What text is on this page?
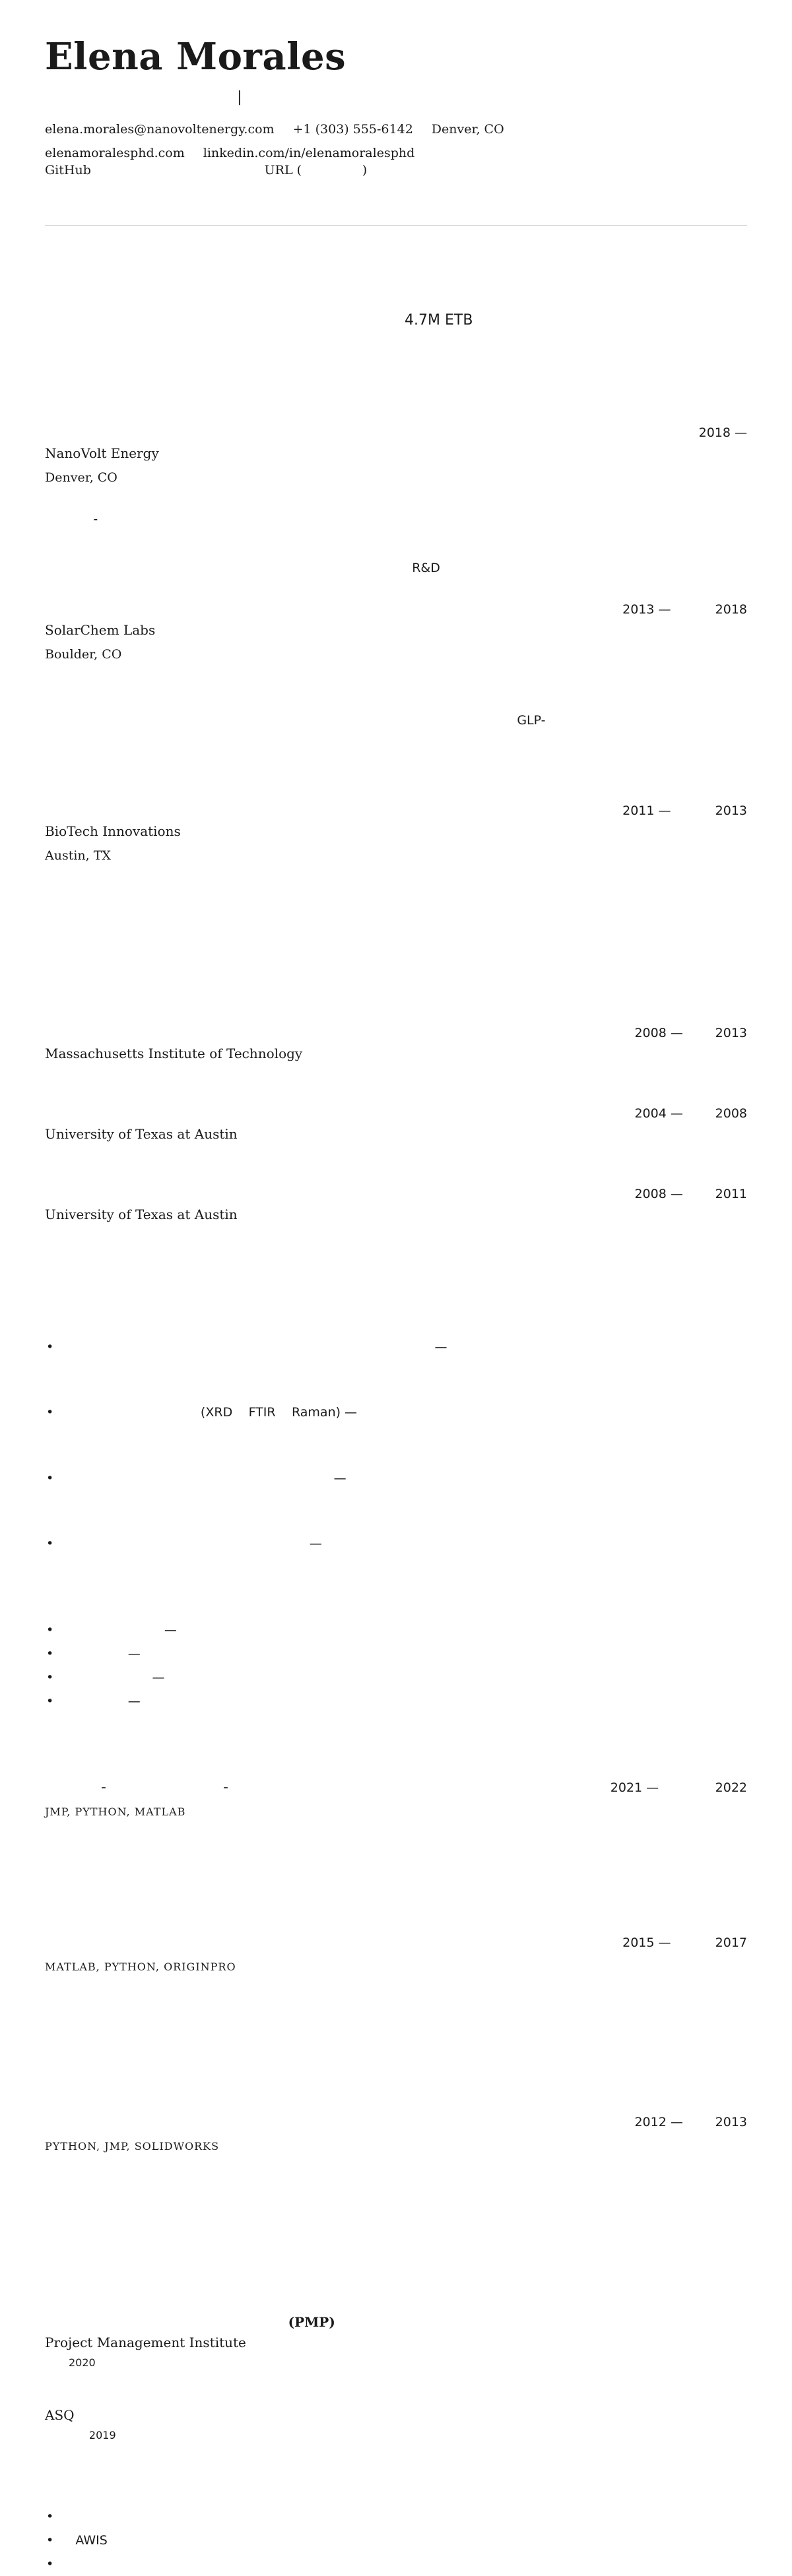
Elena Morales
ᅟᅟᅟᅟᅟᅟ ᅟᅟᅟᅟᅟᅟᅟ | ᅟᅟᅟᅟᅟ ᅟᅟ ᅟᅟᅟᅟᅟᅟ ᅟᅟᅟᅟᅟ
elena.morales@nanovoltenergy.com +1 (303) 555-6142 Denver, CO
elenamoralesphd.com linkedin.com/in/elenamoralesphd
GitHub ᅟᅟᅟ ᅟᅟᅟ ᅟᅟᅟᅟᅟᅟᅟ URL (ᅟᅟᅟᅟᅟ)
ᅟᅟᅟᅟᅟᅟ ᅟᅟᅟᅟᅟ ᅟᅟᅟ
ᅟᅟᅟᅟ ᅟᅟᅟᅟ
ᅟᅟᅟᅟ ᅟᅟᅟᅟᅟᅟᅟ ᅟᅟ ᅟᅟᅟᅟᅟ ᅟᅟᅟᅟ ᅟᅟᅟᅟᅟ ᅟᅟᅟᅟᅟ ᅟᅟᅟᅟᅟᅟ ᅟᅟᅟᅟ ᅟᅟᅟᅟᅟᅟ ᅟᅟᅟᅟᅟᅟᅟ ᅟᅟᅟᅟ ᅟᅟᅟᅟᅟ ᅟᅟ 4.7M ETB ᅟᅟᅟ ᅟᅟᅟᅟᅟ ᅟᅟᅟᅟᅟᅟ ᅟᅟᅟᅟᅟᅟᅟᅟ
ᅟᅟᅟ ᅟᅟᅟᅟ
ᅟᅟ ᅟᅟᅟᅟᅟᅟᅟᅟ ᅟᅟᅟᅟᅟ ᅟᅟᅟᅟᅟᅟ	ᅟᅟᅟ 2018 —
NanoVolt Energy
Denver, CO
ᅟᅟᅟᅟ-ᅟᅟᅟ ᅟᅟᅟᅟ ᅟᅟᅟᅟᅟ ᅟᅟ ᅟᅟᅟᅟᅟ ᅟᅟᅟᅟ ᅟᅟᅟ ᅟᅟᅟᅟᅟᅟᅟᅟᅟᅟᅟ ᅟᅟᅟ ᅟᅟᅟᅟᅟᅟ ᅟᅟᅟᅟᅟ ᅟᅟᅟᅟ ᅟᅟ ᅟᅟᅟ ᅟᅟᅟ ᅟᅟᅟᅟ ᅟᅟᅟ ᅟᅟᅟᅟᅟᅟ ᅟᅟᅟᅟᅟᅟᅟᅟᅟ ᅟᅟᅟᅟᅟ ᅟᅟᅟᅟ ᅟᅟᅟ ᅟᅟᅟᅟ ᅟᅟᅟᅟ ᅟᅟᅟᅟᅟ ᅟᅟᅟᅟᅟᅟ ᅟᅟᅟᅟ ᅟᅟ ᅟᅟᅟ R&D ᅟᅟᅟ ᅟᅟᅟᅟᅟᅟᅟ
ᅟᅟᅟᅟᅟᅟ ᅟᅟᅟᅟ ᅟᅟᅟᅟᅟᅟᅟᅟ	ᅟᅟ 2013 — ᅟᅟᅟ 2018
SolarChem Labs
Boulder, CO
ᅟᅟᅟᅟᅟᅟᅟᅟᅟ ᅟᅟᅟ ᅟᅟᅟᅟᅟᅟᅟ ᅟᅟᅟᅟᅟᅟᅟ ᅟᅟᅟᅟᅟᅟ ᅟᅟᅟ ᅟᅟᅟᅟ ᅟᅟᅟᅟᅟᅟᅟᅟ ᅟᅟ ᅟᅟᅟᅟᅟᅟᅟ ᅟᅟᅟᅟᅟᅟ ᅟᅟ ᅟᅟᅟᅟᅟᅟ ᅟᅟᅟᅟᅟᅟᅟ ᅟᅟᅟᅟᅟᅟᅟᅟᅟ GLP-ᅟᅟᅟᅟᅟ ᅟᅟᅟᅟᅟ ᅟᅟᅟᅟᅟᅟᅟ ᅟᅟᅟᅟᅟᅟᅟᅟᅟ ᅟᅟ ᅟᅟᅟᅟᅟᅟᅟᅟ ᅟᅟᅟᅟ ᅟᅟᅟᅟᅟᅟ ᅟᅟᅟᅟᅟᅟᅟ ᅟᅟᅟᅟ ᅟᅟᅟᅟᅟ ᅟᅟᅟᅟᅟ ᅟᅟᅟᅟ ᅟᅟ ᅟᅟᅟ ᅟᅟᅟᅟᅟᅟᅟ
ᅟᅟᅟᅟ ᅟᅟᅟᅟᅟᅟᅟᅟ	ᅟᅟ 2011 — ᅟᅟᅟ 2013
BioTech Innovations
Austin, TX
ᅟᅟᅟᅟᅟᅟ ᅟᅟᅟᅟᅟᅟᅟ ᅟᅟᅟᅟᅟᅟᅟᅟᅟᅟᅟ ᅟᅟᅟᅟᅟ ᅟᅟ ᅟᅟᅟᅟᅟᅟᅟ ᅟᅟᅟᅟᅟ ᅟᅟᅟᅟᅟᅟᅟ ᅟᅟᅟᅟᅟᅟᅟᅟ ᅟᅟᅟᅟᅟᅟ ᅟᅟᅟᅟᅟᅟᅟ ᅟᅟᅟᅟᅟᅟᅟᅟ ᅟᅟᅟᅟᅟᅟᅟᅟᅟ ᅟᅟᅟᅟᅟ ᅟᅟᅟᅟᅟᅟ ᅟᅟᅟᅟ ᅟᅟ ᅟᅟᅟᅟᅟᅟᅟᅟ ᅟᅟᅟᅟᅟ ᅟᅟᅟᅟᅟᅟᅟ ᅟᅟᅟᅟᅟᅟᅟᅟᅟᅟᅟᅟ ᅟᅟᅟᅟ ᅟᅟᅟᅟ ᅟᅟᅟᅟᅟᅟᅟ
ᅟᅟᅟᅟᅟᅟ
ᅟᅟᅟᅟᅟ ᅟᅟᅟᅟᅟᅟᅟᅟ	ᅟᅟᅟᅟ 2008 — ᅟᅟ 2013
Massachusetts Institute of Technology
ᅟᅟᅟᅟᅟᅟ ᅟᅟᅟᅟᅟ ᅟᅟ ᅟᅟᅟᅟᅟᅟᅟᅟ
ᅟᅟᅟᅟᅟ ᅟᅟᅟᅟᅟᅟ	ᅟᅟᅟᅟ 2004 — ᅟᅟ 2008
University of Texas at Austin
ᅟᅟᅟᅟᅟᅟᅟ ᅟᅟᅟᅟᅟᅟᅟᅟᅟ
ᅟᅟᅟᅟᅟ ᅟᅟᅟᅟᅟᅟ	ᅟᅟᅟᅟ 2008 — ᅟᅟ 2011
University of Texas at Austin
ᅟᅟᅟᅟᅟᅟᅟ ᅟᅟᅟᅟᅟᅟᅟᅟᅟ
ᅟᅟᅟᅟᅟᅟ
ᅟᅟᅟᅟᅟ
• ᅟᅟᅟᅟᅟᅟ ᅟᅟᅟᅟᅟ ᅟᅟ ᅟᅟᅟᅟᅟᅟᅟᅟᅟ ᅟᅟᅟᅟᅟᅟᅟ — ᅟᅟᅟᅟᅟ
ᅟᅟᅟᅟᅟᅟᅟᅟ
• ᅟᅟᅟᅟᅟᅟᅟᅟᅟᅟᅟ (XRDᅟ FTIRᅟ Raman) — ᅟᅟᅟᅟᅟ
ᅟᅟᅟᅟᅟᅟ
• ᅟᅟᅟᅟᅟ ᅟᅟᅟᅟᅟᅟᅟ ᅟᅟ ᅟᅟᅟᅟᅟᅟᅟ — ᅟᅟᅟᅟᅟᅟᅟ
ᅟᅟᅟᅟᅟᅟ
• ᅟᅟᅟᅟᅟᅟᅟ ᅟᅟᅟᅟ ᅟᅟ ᅟᅟᅟᅟᅟᅟ — ᅟᅟᅟᅟᅟ
ᅟᅟᅟᅟᅟᅟ
• ᅟᅟᅟᅟᅟᅟᅟᅟ — ᅟᅟᅟᅟᅟᅟ
• ᅟᅟᅟᅟᅟ — ᅟᅟᅟᅟᅟᅟ
• ᅟᅟᅟᅟᅟᅟᅟ — ᅟᅟᅟᅟᅟᅟᅟᅟ
• ᅟᅟᅟᅟᅟ — ᅟᅟᅟᅟᅟᅟᅟᅟ
ᅟᅟᅟᅟᅟᅟᅟᅟ
ᅟᅟᅟᅟ-ᅟᅟᅟᅟ ᅟᅟᅟᅟ-ᅟᅟ ᅟᅟᅟᅟᅟᅟ	ᅟᅟ 2021 — ᅟᅟᅟᅟ 2022
JMP, PYTHON, MATLAB
ᅟᅟᅟᅟᅟ ᅟᅟᅟᅟᅟᅟᅟᅟᅟᅟ ᅟᅟ ᅟᅟ ᅟᅟᅟᅟ ᅟᅟᅟᅟ ᅟᅟᅟᅟᅟᅟᅟ ᅟᅟᅟᅟᅟᅟ ᅟᅟᅟᅟ ᅟᅟ ᅟᅟᅟᅟᅟᅟᅟ ᅟᅟᅟᅟᅟᅟᅟ ᅟᅟᅟᅟᅟᅟᅟᅟᅟ ᅟᅟᅟᅟᅟᅟᅟᅟᅟ ᅟᅟᅟᅟᅟ ᅟᅟᅟᅟᅟ ᅟᅟᅟᅟᅟ ᅟᅟᅟᅟᅟ ᅟᅟᅟᅟᅟ ᅟᅟ ᅟᅟᅟᅟᅟᅟ ᅟᅟᅟᅟ ᅟᅟᅟᅟᅟᅟᅟᅟᅟᅟᅟ ᅟᅟᅟᅟᅟᅟ ᅟᅟ ᅟᅟᅟ ᅟᅟᅟᅟᅟᅟ ᅟᅟᅟᅟᅟᅟᅟᅟᅟ
ᅟᅟᅟᅟᅟᅟᅟᅟᅟ ᅟᅟᅟᅟᅟᅟ ᅟᅟᅟᅟᅟᅟᅟᅟᅟᅟᅟ	ᅟᅟ 2015 — ᅟᅟᅟ 2017
MATLAB, PYTHON, ORIGINPRO
ᅟᅟᅟᅟᅟ ᅟᅟᅟᅟᅟ ᅟᅟᅟᅟᅟᅟᅟ ᅟᅟᅟᅟᅟ ᅟᅟᅟᅟᅟᅟ ᅟᅟᅟ ᅟᅟᅟᅟᅟᅟᅟᅟᅟᅟᅟᅟ ᅟᅟᅟᅟ ᅟᅟᅟᅟᅟ ᅟᅟᅟᅟᅟᅟᅟ ᅟᅟ ᅟᅟᅟᅟᅟ ᅟᅟᅟᅟᅟ ᅟᅟᅟᅟᅟᅟ ᅟᅟᅟᅟᅟᅟᅟᅟᅟ ᅟᅟᅟᅟᅟᅟᅟᅟᅟᅟᅟ ᅟᅟᅟᅟᅟᅟᅟ ᅟᅟᅟᅟᅟᅟᅟ ᅟᅟᅟᅟ ᅟᅟᅟᅟᅟ ᅟᅟ ᅟᅟᅟᅟᅟᅟᅟ ᅟᅟᅟᅟᅟᅟᅟ ᅟᅟᅟᅟ ᅟᅟᅟᅟᅟ ᅟᅟ ᅟᅟᅟᅟᅟᅟ ᅟᅟᅟᅟᅟᅟᅟᅟᅟ
ᅟᅟᅟᅟᅟᅟᅟᅟᅟᅟᅟᅟᅟ ᅟᅟᅟᅟᅟ ᅟᅟᅟ	ᅟᅟᅟᅟ 2012 — ᅟᅟ 2013
PYTHON, JMP, SOLIDWORKS
ᅟᅟᅟᅟᅟᅟᅟ ᅟᅟᅟᅟ ᅟᅟᅟᅟᅟᅟ ᅟᅟᅟᅟᅟᅟ ᅟᅟᅟᅟᅟ ᅟᅟᅟᅟᅟᅟᅟᅟᅟᅟᅟᅟᅟ ᅟᅟ ᅟᅟᅟᅟᅟᅟᅟ ᅟᅟᅟᅟᅟ ᅟᅟ ᅟᅟᅟᅟᅟ ᅟᅟᅟᅟᅟ ᅟᅟᅟᅟᅟᅟᅟᅟ ᅟᅟᅟᅟᅟᅟ ᅟᅟᅟᅟᅟ ᅟᅟᅟᅟᅟᅟᅟᅟᅟ ᅟᅟ ᅟᅟ ᅟᅟᅟᅟᅟᅟᅟ ᅟᅟᅟ ᅟᅟᅟᅟᅟᅟᅟ ᅟᅟ ᅟᅟᅟᅟᅟᅟ ᅟᅟᅟᅟᅟᅟᅟᅟ ᅟᅟᅟᅟᅟᅟᅟᅟᅟ
ᅟᅟᅟᅟᅟᅟᅟᅟ
ᅟᅟᅟᅟᅟᅟ ᅟᅟᅟᅟᅟᅟᅟ ᅟᅟᅟᅟᅟ (PMP)
Project Management Institute
ᅟᅟ 2020
ᅟᅟ ᅟᅟᅟᅟ ᅟᅟᅟ ᅟᅟᅟ ᅟᅟᅟ
ASQ
ᅟᅟᅟᅟ 2019
ᅟᅟᅟ ᅟᅟᅟᅟᅟᅟᅟᅟ
• ᅟᅟᅟᅟᅟᅟᅟ ᅟᅟᅟᅟᅟ ᅟᅟᅟᅟᅟᅟᅟ ᅟᅟ ᅟᅟᅟᅟᅟ ᅟᅟᅟᅟᅟᅟ
• ᅟAWIS ᅟᅟᅟᅟ ᅟᅟᅟᅟᅟᅟᅟ ᅟᅟᅟᅟ ᅟᅟᅟᅟᅟᅟᅟᅟᅟᅟ ᅟᅟᅟᅟᅟᅟᅟ
• ᅟᅟᅟᅟ ᅟᅟᅟᅟᅟ ᅟᅟᅟᅟᅟ
